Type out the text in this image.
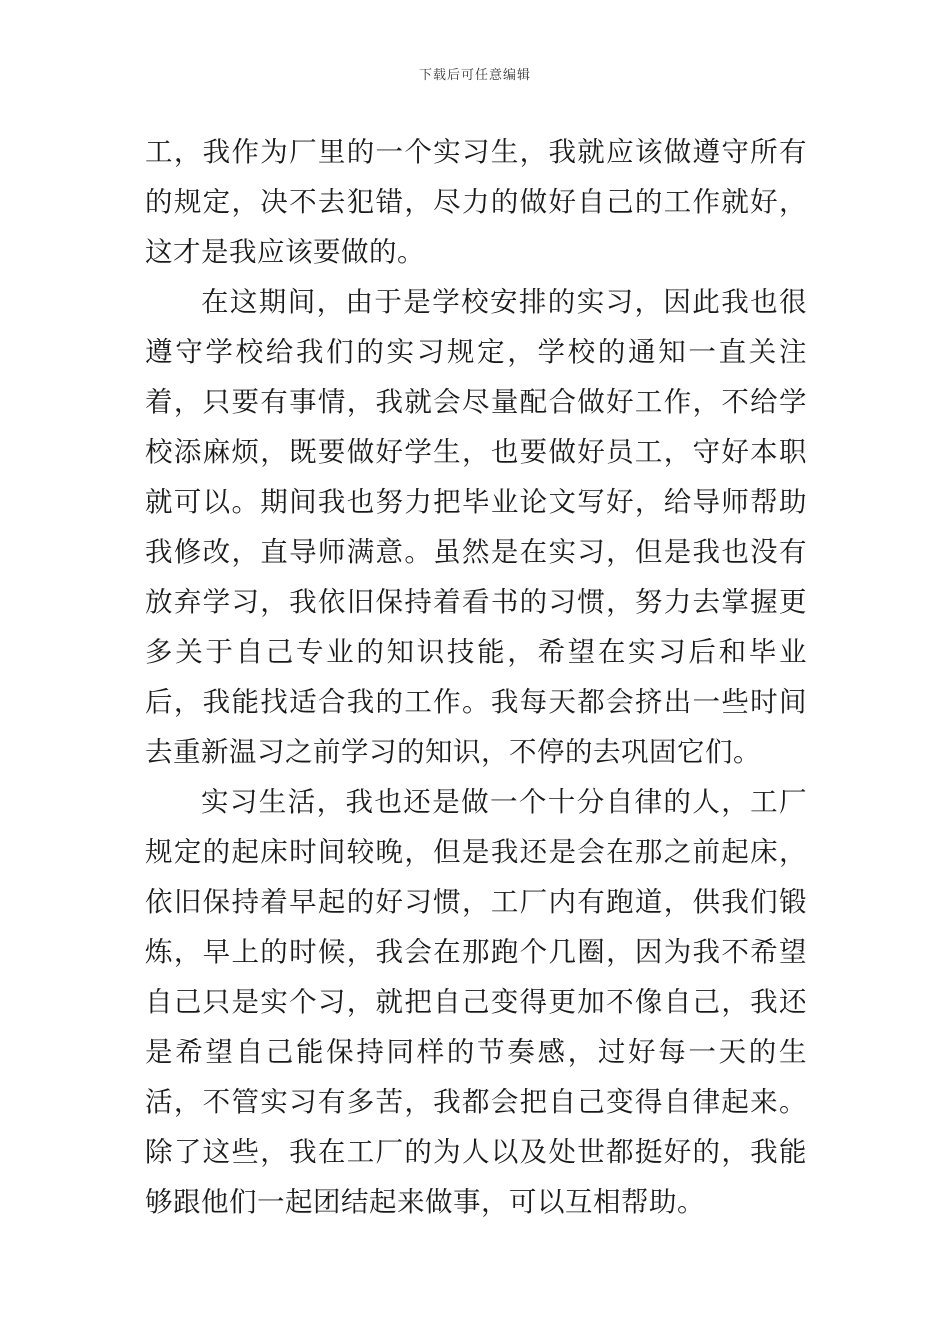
下载后可任意编辑

工，我作为厂里的一个实习生，我就应该做遵守所有的规定，决不去犯错，尽力的做好自己的工作就好，这才是我应该要做的。

在这期间，由于是学校安排的实习，因此我也很遵守学校给我们的实习规定，学校的通知一直关注着，只要有事情，我就会尽量配合做好工作，不给学校添麻烦，既要做好学生，也要做好员工，守好本职就可以。期间我也努力把毕业论文写好，给导师帮助我修改，直导师满意。虽然是在实习，但是我也没有放弃学习，我依旧保持着看书的习惯，努力去掌握更多关于自己专业的知识技能，希望在实习后和毕业后，我能找适合我的工作。我每天都会挤出一些时间去重新温习之前学习的知识，不停的去巩固它们。

实习生活，我也还是做一个十分自律的人，工厂规定的起床时间较晚，但是我还是会在那之前起床，依旧保持着早起的好习惯，工厂内有跑道，供我们锻炼，早上的时候，我会在那跑个几圈，因为我不希望自己只是实个习，就把自己变得更加不像自己，我还是希望自己能保持同样的节奏感，过好每一天的生活，不管实习有多苦，我都会把自己变得自律起来。除了这些，我在工厂的为人以及处世都挺好的，我能够跟他们一起团结起来做事，可以互相帮助。
